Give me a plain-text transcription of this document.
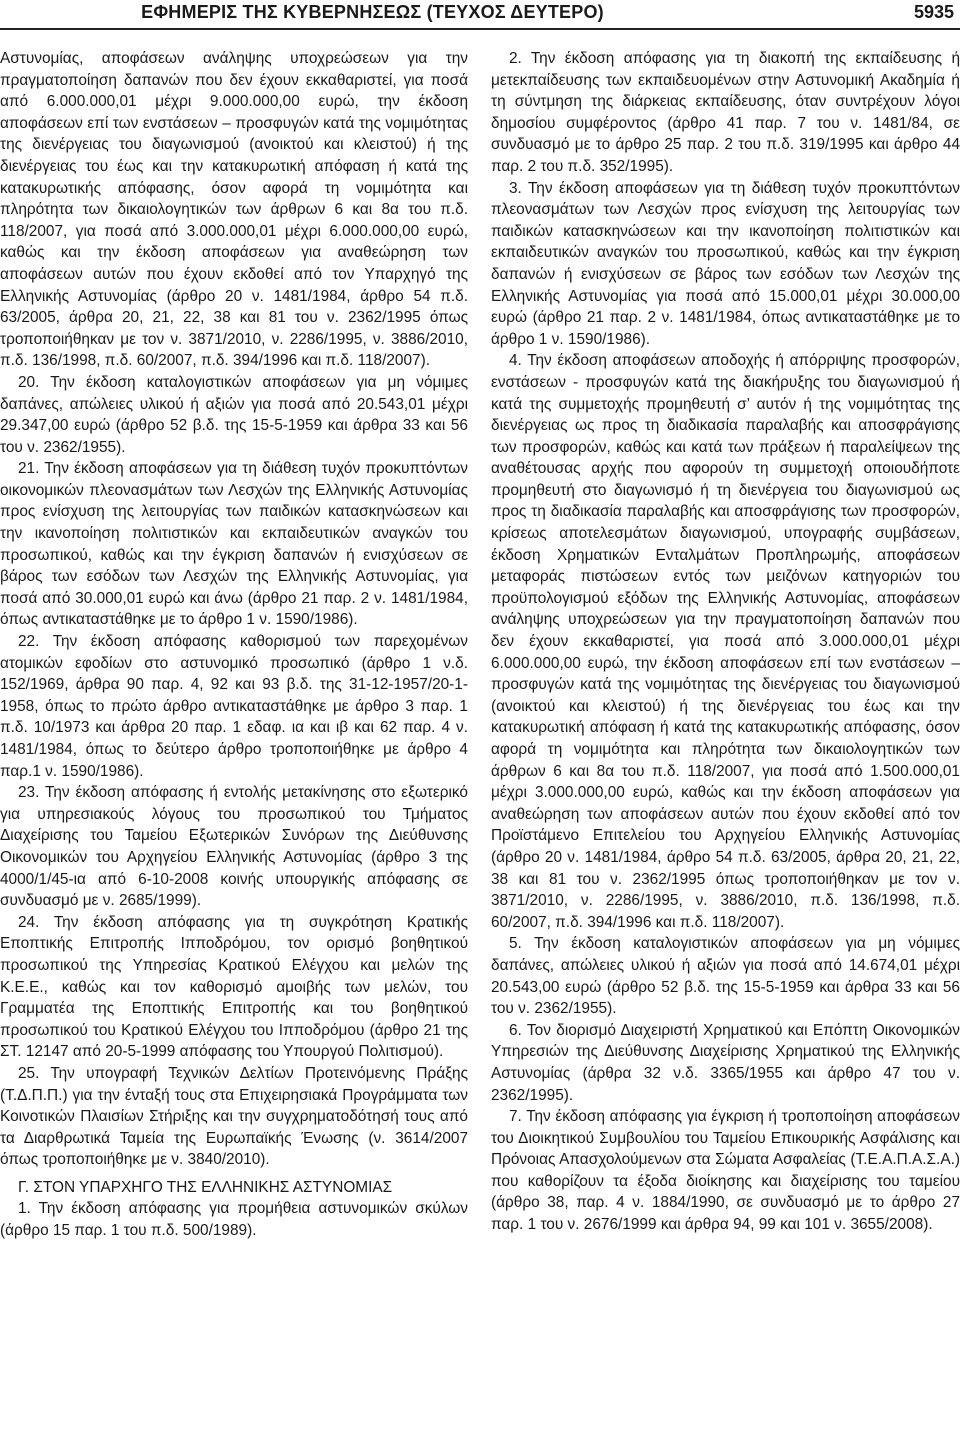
ΕΦΗΜΕΡΙΣ ΤΗΣ ΚΥΒΕΡΝΗΣΕΩΣ (ΤΕΥΧΟΣ ΔΕΥΤΕΡΟ)	5935

Αστυνομίας, αποφάσεων ανάληψης υποχρεώσεων για την πραγματοποίηση δαπανών που δεν έχουν εκκαθαριστεί, για ποσά από 6.000.000,01 μέχρι 9.000.000,00 ευρώ, την έκδοση αποφάσεων επί των ενστάσεων – προσφυγών κατά της νομιμότητας της διενέργειας του διαγωνισμού (ανοικτού και κλειστού) ή της διενέργειας του έως και την κατακυρωτική απόφαση ή κατά της κατακυρωτικής απόφασης, όσον αφορά τη νομιμότητα και πληρότητα των δικαιολογητικών των άρθρων 6 και 8α του π.δ. 118/2007, για ποσά από 3.000.000,01 μέχρι 6.000.000,00 ευρώ, καθώς και την έκδοση αποφάσεων για αναθεώρηση των αποφάσεων αυτών που έχουν εκδοθεί από τον Υπαρχηγό της Ελληνικής Αστυνομίας (άρθρο 20 ν. 1481/1984, άρθρο 54 π.δ. 63/2005, άρθρα 20, 21, 22, 38 και 81 του ν. 2362/1995 όπως τροποποιήθηκαν με τον ν. 3871/2010, ν. 2286/1995, ν. 3886/2010, π.δ. 136/1998, π.δ. 60/2007, π.δ. 394/1996 και π.δ. 118/2007).

20. Την έκδοση καταλογιστικών αποφάσεων για μη νόμιμες δαπάνες, απώλειες υλικού ή αξιών για ποσά από 20.543,01 μέχρι 29.347,00 ευρώ (άρθρο 52 β.δ. της 15-5-1959 και άρθρα 33 και 56 του ν. 2362/1955).

21. Την έκδοση αποφάσεων για τη διάθεση τυχόν προκυπτόντων οικονομικών πλεονασμάτων των Λεσχών της Ελληνικής Αστυνομίας προς ενίσχυση της λειτουργίας των παιδικών κατασκηνώσεων και την ικανοποίηση πολιτιστικών και εκπαιδευτικών αναγκών του προσωπικού, καθώς και την έγκριση δαπανών ή ενισχύσεων σε βάρος των εσόδων των Λεσχών της Ελληνικής Αστυνομίας, για ποσά από 30.000,01 ευρώ και άνω (άρθρο 21 παρ. 2 ν. 1481/1984, όπως αντικαταστάθηκε με το άρθρο 1 ν. 1590/1986).

22. Την έκδοση απόφασης καθορισμού των παρεχομένων ατομικών εφοδίων στο αστυνομικό προσωπικό (άρθρο 1 ν.δ. 152/1969, άρθρα 90 παρ. 4, 92 και 93 β.δ. της 31-12-1957/20-1-1958, όπως το πρώτο άρθρο αντικαταστάθηκε με άρθρο 3 παρ. 1 π.δ. 10/1973 και άρθρα 20 παρ. 1 εδαφ. ια και ιβ και 62 παρ. 4 ν. 1481/1984, όπως το δεύτερο άρθρο τροποποιήθηκε με άρθρο 4 παρ.1 ν. 1590/1986).

23. Την έκδοση απόφασης ή εντολής μετακίνησης στο εξωτερικό για υπηρεσιακούς λόγους του προσωπικού του Τμήματος Διαχείρισης του Ταμείου Εξωτερικών Συνόρων της Διεύθυνσης Οικονομικών του Αρχηγείου Ελληνικής Αστυνομίας (άρθρο 3 της 4000/1/45-ια από 6-10-2008 κοινής υπουργικής απόφασης σε συνδυασμό με ν. 2685/1999).

24. Την έκδοση απόφασης για τη συγκρότηση Κρατικής Εποπτικής Επιτροπής Ιπποδρόμου, τον ορισμό βοηθητικού προσωπικού της Υπηρεσίας Κρατικού Ελέγχου και μελών της Κ.Ε.Ε., καθώς και τον καθορισμό αμοιβής των μελών, του Γραμματέα της Εποπτικής Επιτροπής και του βοηθητικού προσωπικού του Κρατικού Ελέγχου του Ιπποδρόμου (άρθρο 21 της ΣΤ. 12147 από 20-5-1999 απόφασης του Υπουργού Πολιτισμού).

25. Την υπογραφή Τεχνικών Δελτίων Προτεινόμενης Πράξης (Τ.Δ.Π.Π.) για την ένταξή τους στα Επιχειρησιακά Προγράμματα των Κοινοτικών Πλαισίων Στήριξης και την συγχρηματοδότησή τους από τα Διαρθρωτικά Ταμεία της Ευρωπαϊκής Ένωσης (ν. 3614/2007 όπως τροποποιήθηκε με ν. 3840/2010).

Γ. ΣΤΟΝ ΥΠΑΡΧΗΓΟ ΤΗΣ ΕΛΛΗΝΙΚΗΣ ΑΣΤΥΝΟΜΙΑΣ

1. Την έκδοση απόφασης για προμήθεια αστυνομικών σκύλων (άρθρο 15 παρ. 1 του π.δ. 500/1989).

2. Την έκδοση απόφασης για τη διακοπή της εκπαίδευσης ή μετεκπαίδευσης των εκπαιδευομένων στην Αστυνομική Ακαδημία ή τη σύντμηση της διάρκειας εκπαίδευσης, όταν συντρέχουν λόγοι δημοσίου συμφέροντος (άρθρο 41 παρ. 7 του ν. 1481/84, σε συνδυασμό με το άρθρο 25 παρ. 2 του π.δ. 319/1995 και άρθρο 44 παρ. 2 του π.δ. 352/1995).

3. Την έκδοση αποφάσεων για τη διάθεση τυχόν προκυπτόντων πλεονασμάτων των Λεσχών προς ενίσχυση της λειτουργίας των παιδικών κατασκηνώσεων και την ικανοποίηση πολιτιστικών και εκπαιδευτικών αναγκών του προσωπικού, καθώς και την έγκριση δαπανών ή ενισχύσεων σε βάρος των εσόδων των Λεσχών της Ελληνικής Αστυνομίας για ποσά από 15.000,01 μέχρι 30.000,00 ευρώ (άρθρο 21 παρ. 2 ν. 1481/1984, όπως αντικαταστάθηκε με το άρθρο 1 ν. 1590/1986).

4. Την έκδοση αποφάσεων αποδοχής ή απόρριψης προσφορών, ενστάσεων - προσφυγών κατά της διακήρυξης του διαγωνισμού ή κατά της συμμετοχής προμηθευτή σ’ αυτόν ή της νομιμότητας της διενέργειας ως προς τη διαδικασία παραλαβής και αποσφράγισης των προσφορών, καθώς και κατά των πράξεων ή παραλείψεων της αναθέτουσας αρχής που αφορούν τη συμμετοχή οποιουδήποτε προμηθευτή στο διαγωνισμό ή τη διενέργεια του διαγωνισμού ως προς τη διαδικασία παραλαβής και αποσφράγισης των προσφορών, κρίσεως αποτελεσμάτων διαγωνισμού, υπογραφής συμβάσεων, έκδοση Χρηματικών Ενταλμάτων Προπληρωμής, αποφάσεων μεταφοράς πιστώσεων εντός των μειζόνων κατηγοριών του προϋπολογισμού εξόδων της Ελληνικής Αστυνομίας, αποφάσεων ανάληψης υποχρεώσεων για την πραγματοποίηση δαπανών που δεν έχουν εκκαθαριστεί, για ποσά από 3.000.000,01 μέχρι 6.000.000,00 ευρώ, την έκδοση αποφάσεων επί των ενστάσεων – προσφυγών κατά της νομιμότητας της διενέργειας του διαγωνισμού (ανοικτού και κλειστού) ή της διενέργειας του έως και την κατακυρωτική απόφαση ή κατά της κατακυρωτικής απόφασης, όσον αφορά τη νομιμότητα και πληρότητα των δικαιολογητικών των άρθρων 6 και 8α του π.δ. 118/2007, για ποσά από 1.500.000,01 μέχρι 3.000.000,00 ευρώ, καθώς και την έκδοση αποφάσεων για αναθεώρηση των αποφάσεων αυτών που έχουν εκδοθεί από τον Προϊστάμενο Επιτελείου του Αρχηγείου Ελληνικής Αστυνομίας (άρθρο 20 ν. 1481/1984, άρθρο 54 π.δ. 63/2005, άρθρα 20, 21, 22, 38 και 81 του ν. 2362/1995 όπως τροποποιήθηκαν με τον ν. 3871/2010, ν. 2286/1995, ν. 3886/2010, π.δ. 136/1998, π.δ. 60/2007, π.δ. 394/1996 και π.δ. 118/2007).

5. Την έκδοση καταλογιστικών αποφάσεων για μη νόμιμες δαπάνες, απώλειες υλικού ή αξιών για ποσά από 14.674,01 μέχρι 20.543,00 ευρώ (άρθρο 52 β.δ. της 15-5-1959 και άρθρα 33 και 56 του ν. 2362/1955).

6. Τον διορισμό Διαχειριστή Χρηματικού και Επόπτη Οικονομικών Υπηρεσιών της Διεύθυνσης Διαχείρισης Χρηματικού της Ελληνικής Αστυνομίας (άρθρα 32 ν.δ. 3365/1955 και άρθρο 47 του ν. 2362/1995).

7. Την έκδοση απόφασης για έγκριση ή τροποποίηση αποφάσεων του Διοικητικού Συμβουλίου του Ταμείου Επικουρικής Ασφάλισης και Πρόνοιας Απασχολούμενων στα Σώματα Ασφαλείας (Τ.Ε.Α.Π.Α.Σ.Α.) που καθορίζουν τα έξοδα διοίκησης και διαχείρισης του ταμείου (άρθρο 38, παρ. 4 ν. 1884/1990, σε συνδυασμό με το άρθρο 27 παρ. 1 του ν. 2676/1999 και άρθρα 94, 99 και 101 ν. 3655/2008).
